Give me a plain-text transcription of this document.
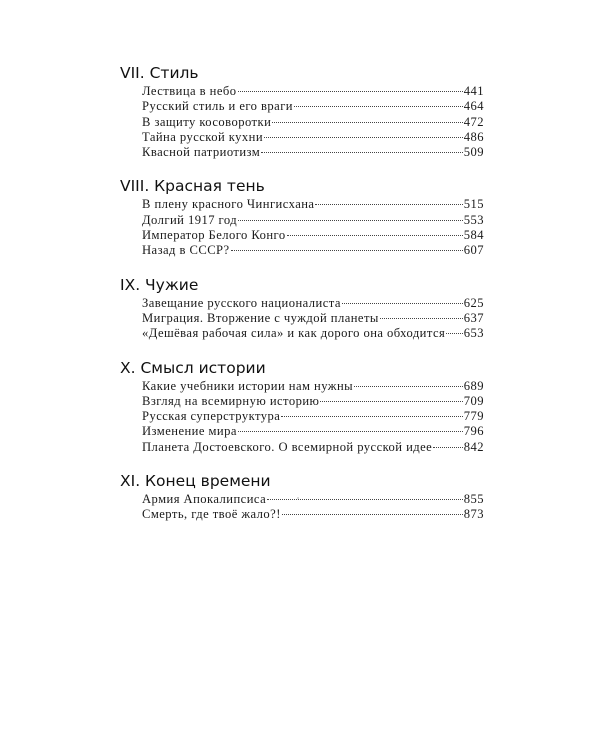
VII. Стиль
Лествица в небо	441
Русский стиль и его враги	464
В защиту косоворотки	472
Тайна русской кухни	486
Квасной патриотизм	509
VIII. Красная тень
В плену красного Чингисхана	515
Долгий 1917 год	553
Император Белого Конго	584
Назад в СССР?	607
IX. Чужие
Завещание русского националиста	625
Миграция. Вторжение с чуждой планеты	637
«Дешёвая рабочая сила» и как дорого она обходится 653
X. Смысл истории
Какие учебники истории нам нужны	689
Взгляд на всемирную историю	709
Русская суперструктура	779
Изменение мира	796
Планета Достоевского. О всемирной русской идее	842
XI. Конец времени
Армия Апокалипсиса	855
Смерть, где твоё жало?!	873
